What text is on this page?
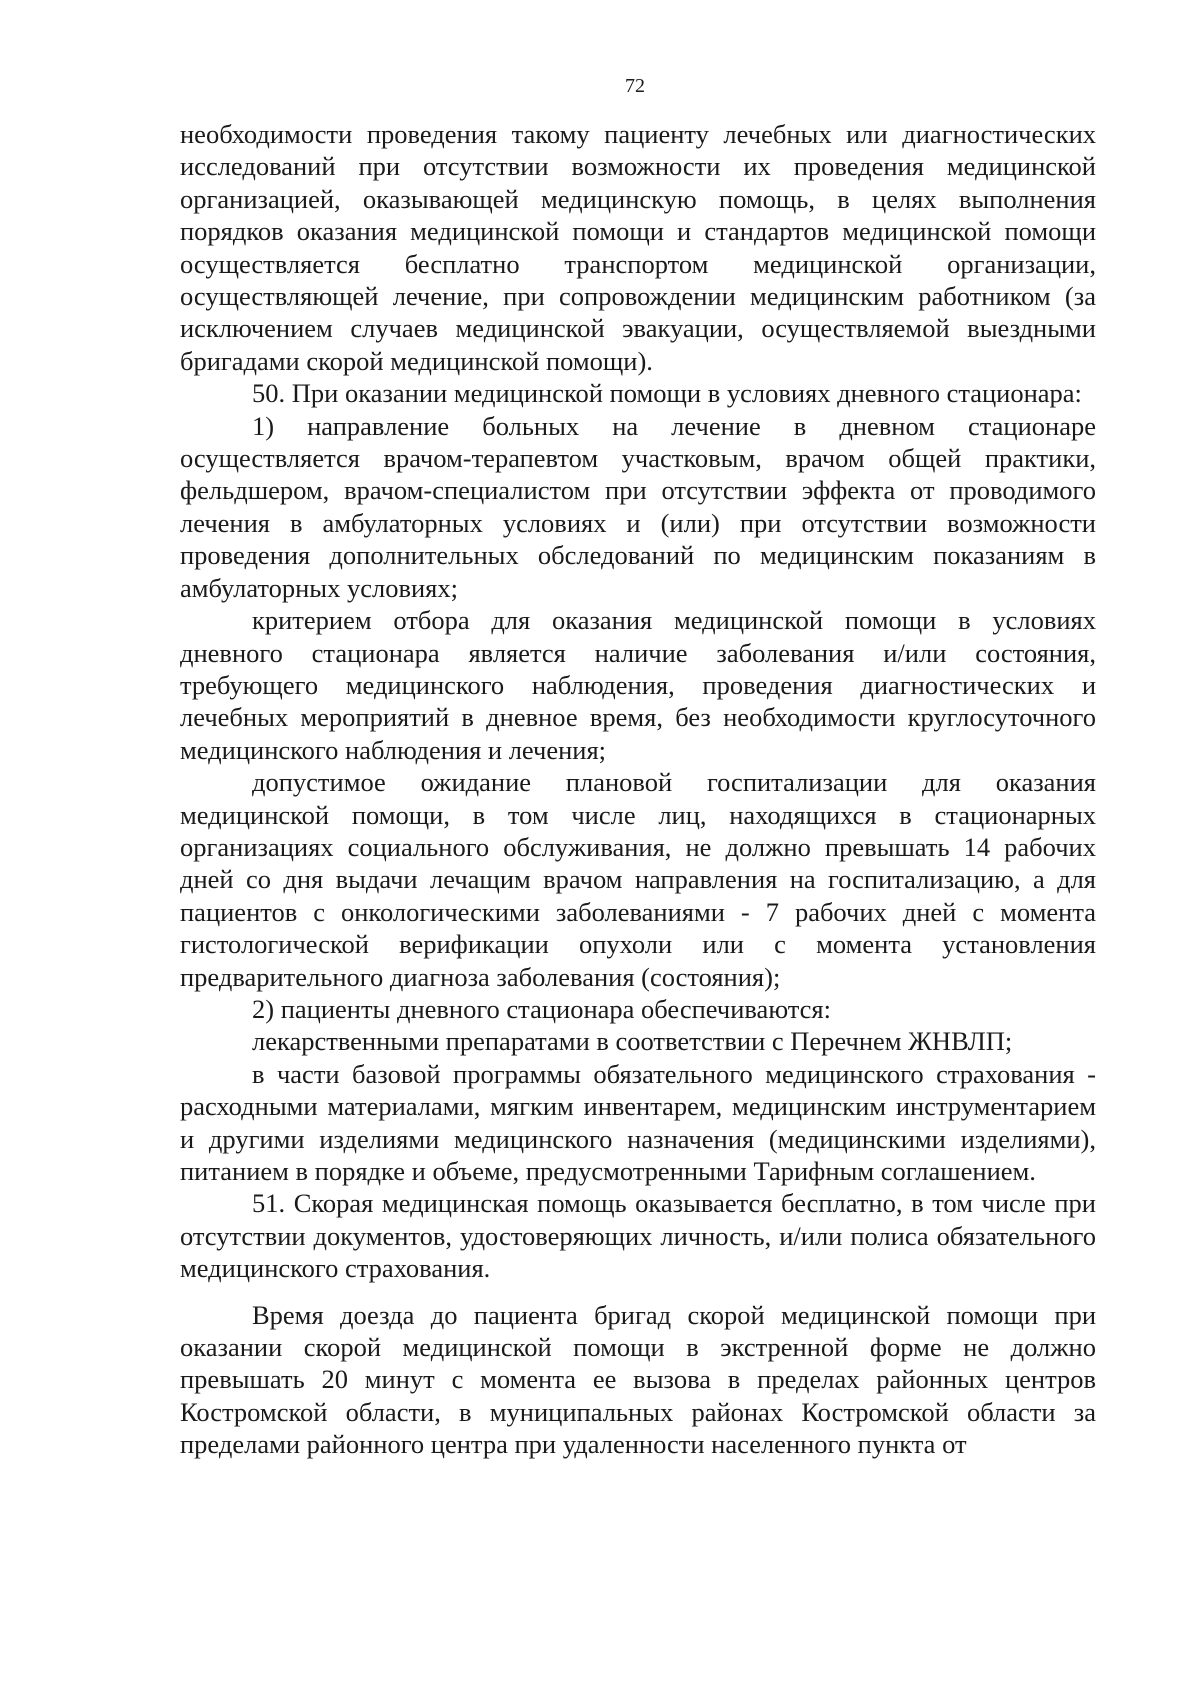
72

необходимости проведения такому пациенту лечебных или диагностических исследований при отсутствии возможности их проведения медицинской организацией, оказывающей медицинскую помощь, в целях выполнения порядков оказания медицинской помощи и стандартов медицинской помощи осуществляется бесплатно транспортом медицинской организации, осуществляющей лечение, при сопровождении медицинским работником (за исключением случаев медицинской эвакуации, осуществляемой выездными бригадами скорой медицинской помощи).

50. При оказании медицинской помощи в условиях дневного стационара:

1) направление больных на лечение в дневном стационаре осуществляется врачом-терапевтом участковым, врачом общей практики, фельдшером, врачом-специалистом при отсутствии эффекта от проводимого лечения в амбулаторных условиях и (или) при отсутствии возможности проведения дополнительных обследований по медицинским показаниям в амбулаторных условиях;

критерием отбора для оказания медицинской помощи в условиях дневного стационара является наличие заболевания и/или состояния, требующего медицинского наблюдения, проведения диагностических и лечебных мероприятий в дневное время, без необходимости круглосуточного медицинского наблюдения и лечения;

допустимое ожидание плановой госпитализации для оказания медицинской помощи, в том числе лиц, находящихся в стационарных организациях социального обслуживания, не должно превышать 14 рабочих дней со дня выдачи лечащим врачом направления на госпитализацию, а для пациентов с онкологическими заболеваниями - 7 рабочих дней с момента гистологической верификации опухоли или с момента установления предварительного диагноза заболевания (состояния);

2) пациенты дневного стационара обеспечиваются:

лекарственными препаратами в соответствии с Перечнем ЖНВЛП;

в части базовой программы обязательного медицинского страхования - расходными материалами, мягким инвентарем, медицинским инструментарием и другими изделиями медицинского назначения (медицинскими изделиями), питанием в порядке и объеме, предусмотренными Тарифным соглашением.

51. Скорая медицинская помощь оказывается бесплатно, в том числе при отсутствии документов, удостоверяющих личность, и/или полиса обязательного медицинского страхования.

Время доезда до пациента бригад скорой медицинской помощи при оказании скорой медицинской помощи в экстренной форме не должно превышать 20 минут с момента ее вызова в пределах районных центров Костромской области, в муниципальных районах Костромской области за пределами районного центра при удаленности населенного пункта от
